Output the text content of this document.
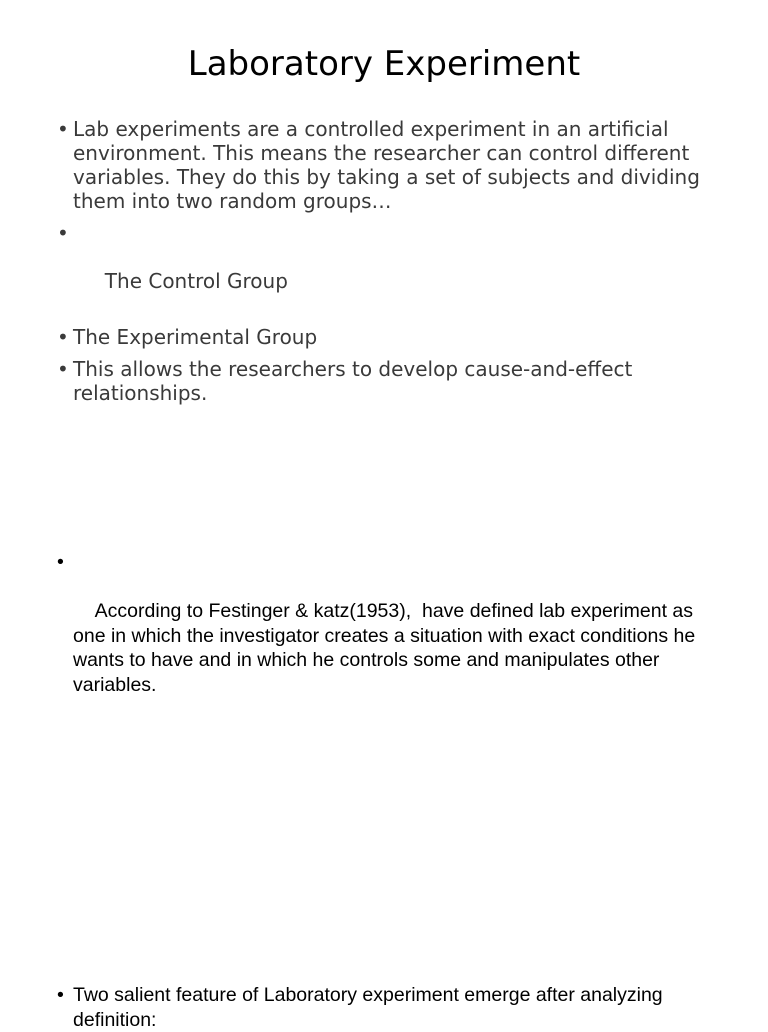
Laboratory Experiment
• Lab experiments are a controlled experiment in an artificial environment. This means the researcher can control different variables. They do this by taking a set of subjects and dividing them into two random groups…

•

The Control Group

• The Experimental Group
• This allows the researchers to develop cause-and-effect relationships.

•

According to Festinger & katz(1953),  have defined lab experiment as one in which the investigator creates a situation with exact conditions he wants to have and in which he controls some and manipulates other variables.

• Two salient feature of Laboratory experiment emerge after analyzing definition:
